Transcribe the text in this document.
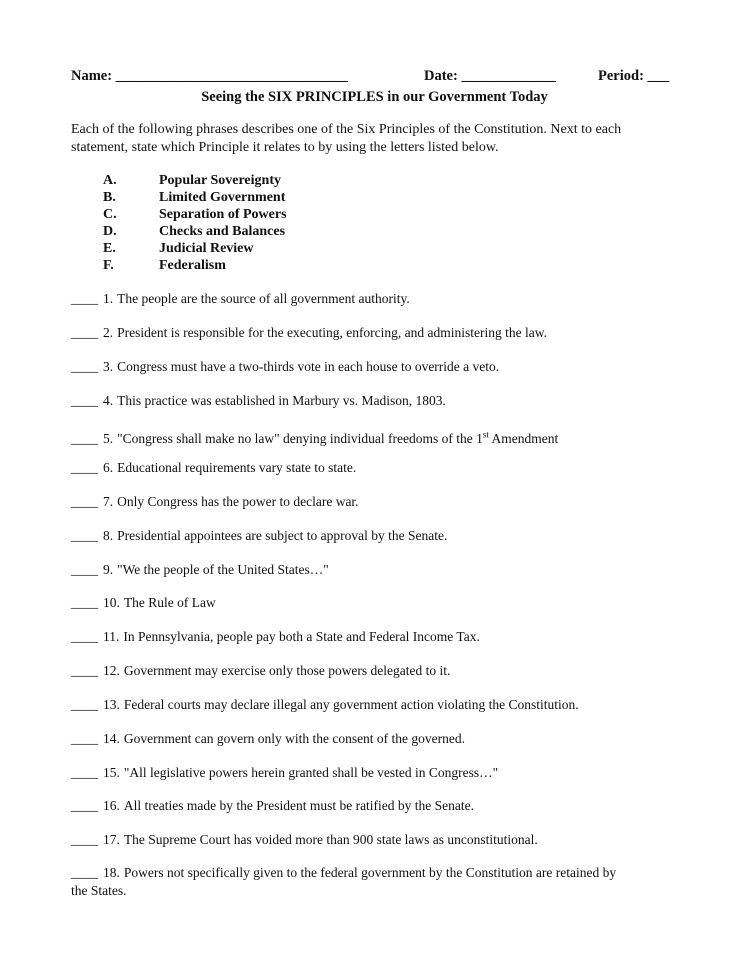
Name: ________________________________	Date: _____________	Period: ___
Seeing the SIX PRINCIPLES in our Government Today
Each of the following phrases describes one of the Six Principles of the Constitution. Next to each statement, state which Principle it relates to by using the letters listed below.
A.	Popular Sovereignty
B.	Limited Government
C.	Separation of Powers
D.	Checks and Balances
E.	Judicial Review
F.	Federalism
____ 1. The people are the source of all government authority.
____ 2. President is responsible for the executing, enforcing, and administering the law.
____ 3. Congress must have a two-thirds vote in each house to override a veto.
____ 4. This practice was established in Marbury vs. Madison, 1803.
____ 5. "Congress shall make no law" denying individual freedoms of the 1st Amendment
____ 6. Educational requirements vary state to state.
____ 7. Only Congress has the power to declare war.
____ 8. Presidential appointees are subject to approval by the Senate.
____ 9. "We the people of the United States…"
____ 10. The Rule of Law
____ 11. In Pennsylvania, people pay both a State and Federal Income Tax.
____ 12. Government may exercise only those powers delegated to it.
____ 13. Federal courts may declare illegal any government action violating the Constitution.
____ 14. Government can govern only with the consent of the governed.
____ 15. "All legislative powers herein granted shall be vested in Congress…"
____ 16. All treaties made by the President must be ratified by the Senate.
____ 17. The Supreme Court has voided more than 900 state laws as unconstitutional.
____ 18. Powers not specifically given to the federal government by the Constitution are retained by
the States.
